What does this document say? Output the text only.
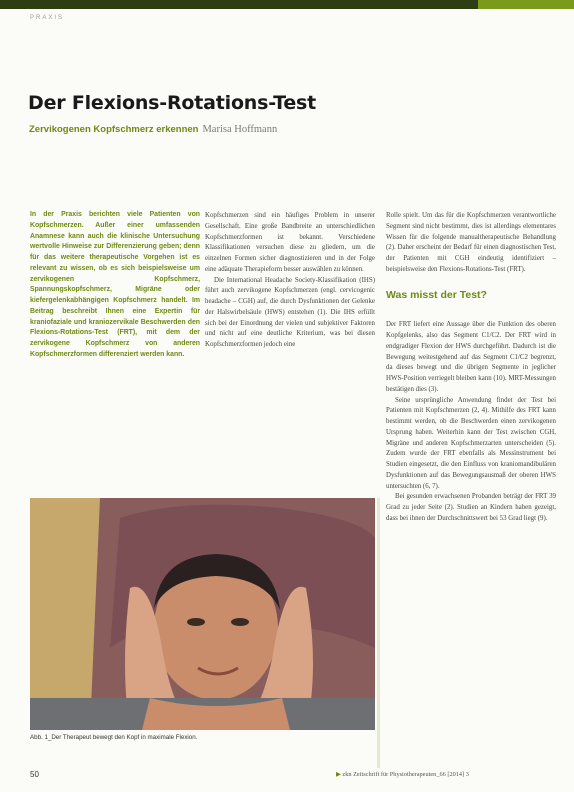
PRAXIS
Der Flexions-Rotations-Test
Zervikogenen Kopfschmerz erkennen Marisa Hoffmann

In der Praxis berichten viele Patienten von Kopfschmerzen. Außer einer umfassenden Anamnese kann auch die klinische Untersuchung wertvolle Hinweise zur Differenzierung geben; denn für das weitere therapeutische Vorgehen ist es relevant zu wissen, ob es sich beispielsweise um zervikogenen Kopfschmerz, Spannungskopfschmerz, Migräne oder kiefergelenkabhängigen Kopfschmerz handelt. Im Beitrag beschreibt Ihnen eine Expertin für kraniofaziale und kraniozervikale Beschwerden den Flexions-Rotations-Test (FRT), mit dem der zervikogene Kopfschmerz von anderen Kopfschmerzformen differenziert werden kann.

Kopfschmerzen sind ein häufiges Problem in unserer Gesellschaft. Eine große Bandbreite an unterschiedlichen Kopfschmerzformen ist bekannt. Verschiedene Klassifikationen versuchen diese zu gliedern, um die einzelnen Formen sicher diagnostizieren und in der Folge eine adäquate Therapieform besser auswählen zu können.

Die International Headache Society-Klassifikation (IHS) führt auch zervikogene Kopfschmerzen (engl. cervicogenic headache – CGH) auf, die durch Dysfunktionen der Gelenke der Halswirbelsäule (HWS) entstehen (1). Die IHS erfüllt sich bei der Einordnung der vielen und subjektiver Faktoren und nicht auf eine deutliche Kriterium, was bei diesen Kopfschmerzformen jedoch eine

Rolle spielt. Um das für die Kopfschmerzen verantwortliche Segment sind nicht bestimmt, dies ist allerdings elementares Wissen für die folgende manualtherapeutische Behandlung (2). Daher erscheint der Bedarf für einen diagnostischen Test, der Patienten mit CGH eindeutig identifiziert – beispielsweise den Flexions-Rotations-Test (FRT).

Was misst der Test?

Der FRT liefert eine Aussage über die Funktion des oberen Kopfgelenks, also das Segment C1/C2. Der FRT wird in endgradiger Flexion der HWS durchgeführt. Dadurch ist die Bewegung weitestgehend auf das Segment C1/C2 begrenzt, da dieses bewegt und die übrigen Segmente in jeglicher HWS-Position verriegelt bleiben kann (10). MRT-Messungen bestätigen dies (3).

Seine ursprüngliche Anwendung findet der Test bei Patienten mit Kopfschmerzen (2, 4). Mithilfe des FRT kann bestimmt werden, ob die Beschwerden einen zervikogenen Ursprung haben. Weiterhin kann der Test zwischen CGH, Migräne und anderen Kopfschmerzarten unterscheiden (5). Zudem wurde der FRT ebenfalls als Messinstrument bei Studien eingesetzt, die den Einfluss von kraniomandibulären Dysfunktionen auf das Bewegungsausmaß der oberen HWS untersuchten (6, 7).

Bei gesunden erwachsenen Probanden beträgt der FRT 39 Grad zu jeder Seite (2). Studien an Kindern haben gezeigt, dass bei ihnen der Durchschnittswert bei 53 Grad liegt (9).

Abb. 1_Der Therapeut bewegt den Kopf in maximale Flexion.
50	▶ zkn Zeitschrift für Physiotherapeuten_66 [2014] 3
